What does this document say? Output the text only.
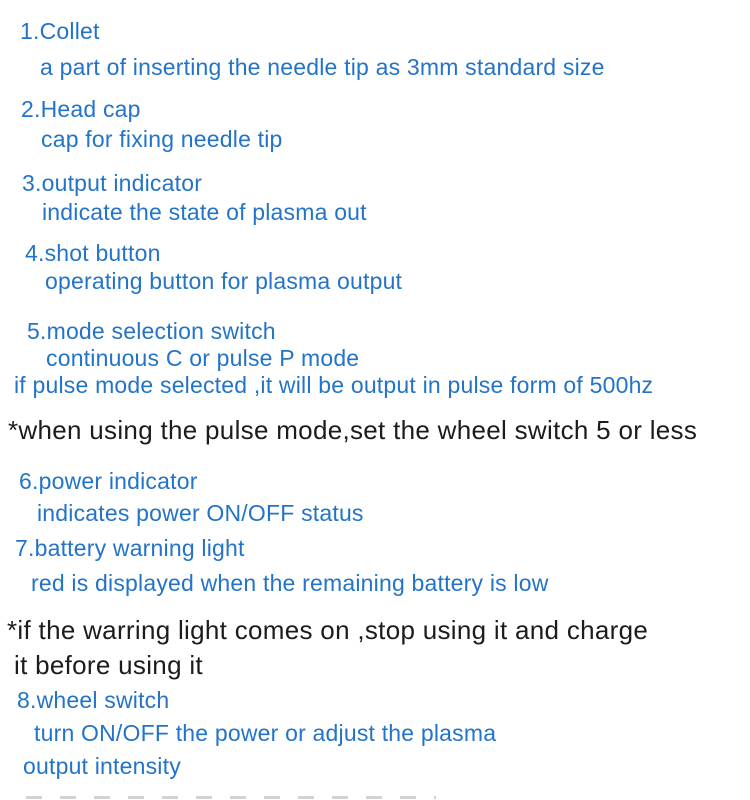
1.Collet
a part of inserting the needle tip as 3mm standard size
2.Head cap
cap for fixing needle tip
3.output indicator
indicate the state of plasma out
4.shot button
operating button for plasma output
5.mode selection switch
continuous C or pulse P mode
if pulse mode selected ,it will be output in pulse form of 500hz
*when using the pulse mode,set the wheel switch 5 or less
6.power indicator
indicates power ON/OFF status
7.battery warning light
red is displayed when the remaining battery is low
*if the warring light comes on ,stop using it and charge
it before using it
8.wheel switch
turn ON/OFF the power or adjust the plasma
output intensity
